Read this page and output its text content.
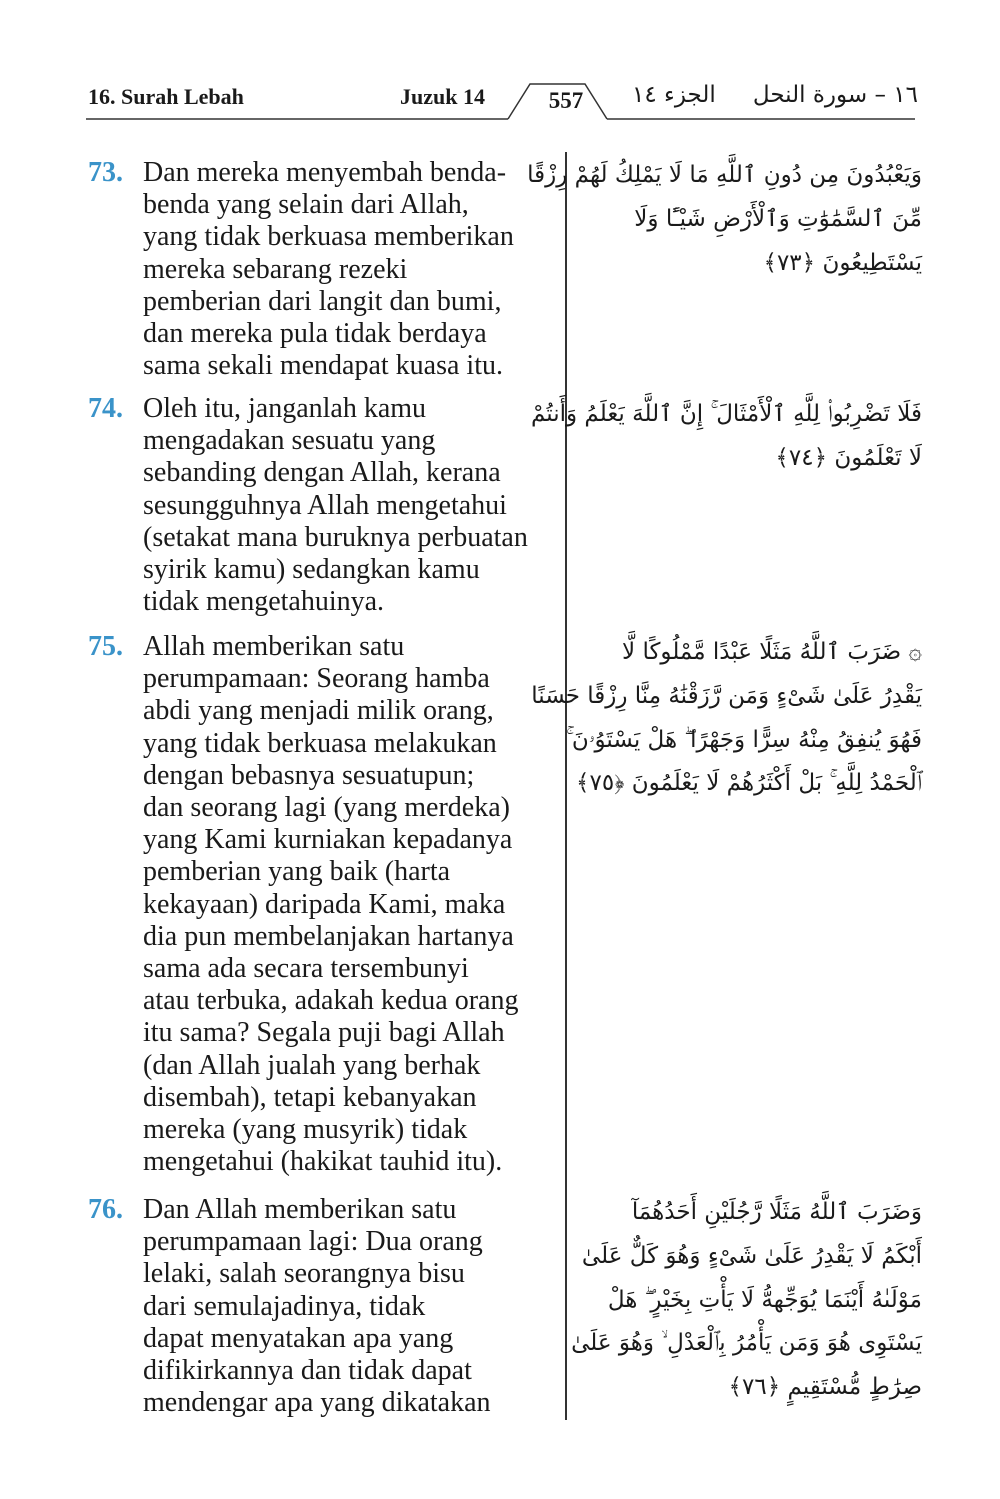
16. Surah Lebah	Juzuk 14	557	الجزء ١٤ ١٦ – سورة النحل
73. Dan mereka menyembah benda-
benda yang selain dari Allah,
yang tidak berkuasa memberikan
mereka sebarang rezeki
pemberian dari langit dan bumi,
dan mereka pula tidak berdaya
sama sekali mendapat kuasa itu.
وَيَعْبُدُونَ مِن دُونِ ٱللَّهِ مَا لَا يَمْلِكُ لَهُمْ رِزْقًا
مِّنَ ٱلسَّمَٰوَٰتِ وَٱلْأَرْضِ شَيْـًٔا وَلَا
يَسْتَطِيعُونَ ﴿٧٣﴾
74. Oleh itu, janganlah kamu
mengadakan sesuatu yang
sebanding dengan Allah, kerana
sesungguhnya Allah mengetahui
(setakat mana buruknya perbuatan
syirik kamu) sedangkan kamu
tidak mengetahuinya.
فَلَا تَضْرِبُوا۟ لِلَّهِ ٱلْأَمْثَالَ ۚ إِنَّ ٱللَّهَ يَعْلَمُ وَأَنتُمْ
لَا تَعْلَمُونَ ﴿٧٤﴾
75. Allah memberikan satu
perumpamaan: Seorang hamba
abdi yang menjadi milik orang,
yang tidak berkuasa melakukan
dengan bebasnya sesuatupun;
dan seorang lagi (yang merdeka)
yang Kami kurniakan kepadanya
pemberian yang baik (harta
kekayaan) daripada Kami, maka
dia pun membelanjakan hartanya
sama ada secara tersembunyi
atau terbuka, adakah kedua orang
itu sama? Segala puji bagi Allah
(dan Allah jualah yang berhak
disembah), tetapi kebanyakan
mereka (yang musyrik) tidak
mengetahui (hakikat tauhid itu).
۞ ضَرَبَ ٱللَّهُ مَثَلًا عَبْدًا مَّمْلُوكًا لَّا
يَقْدِرُ عَلَىٰ شَىْءٍ وَمَن رَّزَقْنَٰهُ مِنَّا رِزْقًا حَسَنًا
فَهُوَ يُنفِقُ مِنْهُ سِرًّا وَجَهْرًا ۖ هَلْ يَسْتَوُۥنَ ۚ
ٱلْحَمْدُ لِلَّهِ ۚ بَلْ أَكْثَرُهُمْ لَا يَعْلَمُونَ ﴿٧٥﴾
76. Dan Allah memberikan satu
perumpamaan lagi: Dua orang
lelaki, salah seorangnya bisu
dari semulajadinya, tidak
dapat menyatakan apa yang
difikirkannya dan tidak dapat
mendengar apa yang dikatakan
وَضَرَبَ ٱللَّهُ مَثَلًا رَّجُلَيْنِ أَحَدُهُمَآ
أَبْكَمُ لَا يَقْدِرُ عَلَىٰ شَىْءٍ وَهُوَ كَلٌّ عَلَىٰ
مَوْلَىٰهُ أَيْنَمَا يُوَجِّههُّ لَا يَأْتِ بِخَيْرٍ ۖ هَلْ
يَسْتَوِى هُوَ وَمَن يَأْمُرُ بِٱلْعَدْلِ ۙ وَهُوَ عَلَىٰ
صِرَٰطٍ مُّسْتَقِيمٍ ﴿٧٦﴾
